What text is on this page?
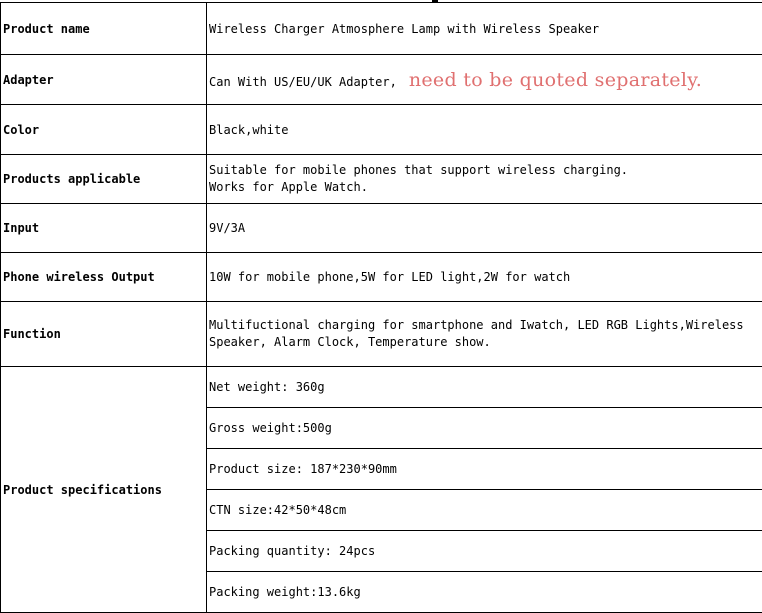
Product name	Wireless Charger Atmosphere Lamp with Wireless Speaker
Adapter	Can With US/EU/UK Adapter, need to be quoted separately.
Color	Black,white
Products applicable	Suitable for mobile phones that support wireless charging.
Works for Apple Watch.

Input	9V/3A
Phone wireless Output	10W for mobile phone,5W for LED light,2W for watch
Function	Multifuctional charging for smartphone and Iwatch, LED RGB Lights,Wireless
Speaker, Alarm Clock, Temperature show.

Product specifications	Net weight: 360g
	Gross weight:500g
	Product size: 187*230*90mm
	CTN size:42*50*48cm
	Packing quantity: 24pcs
	Packing weight:13.6kg
